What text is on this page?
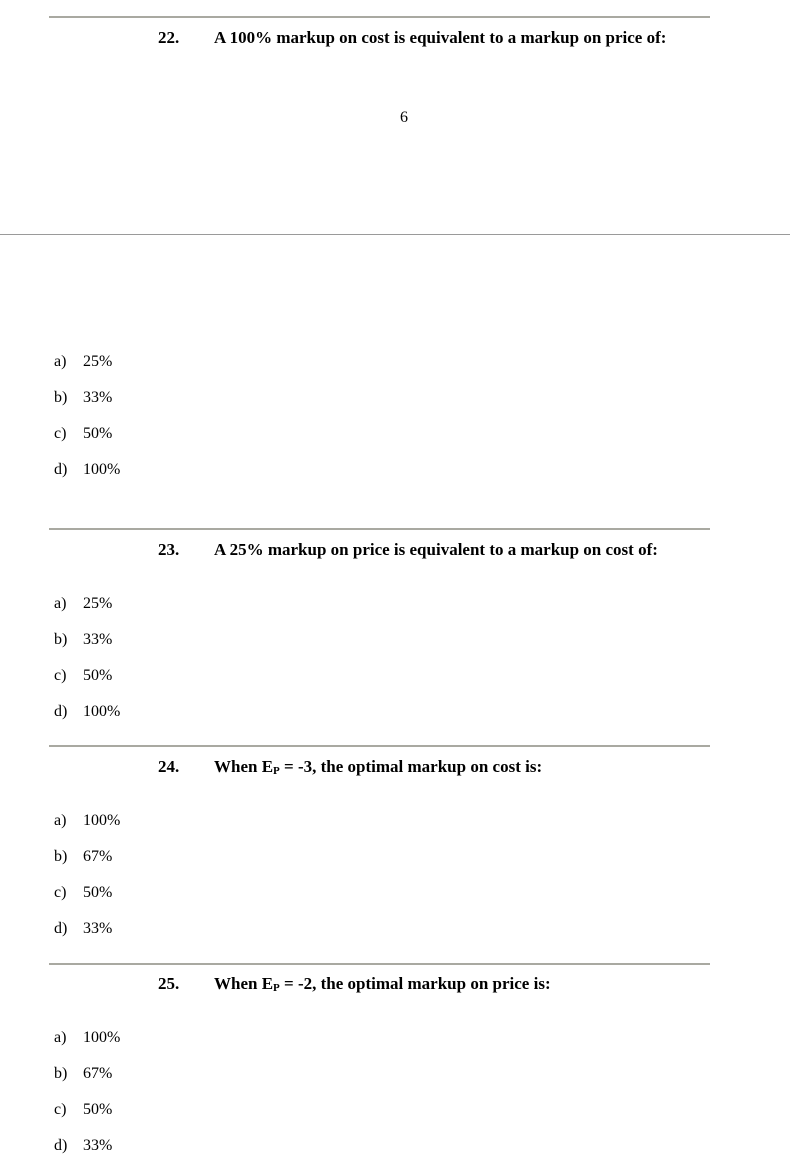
22. A 100% markup on cost is equivalent to a markup on price of:
6
a) 25%
b) 33%
c) 50%
d) 100%
23. A 25% markup on price is equivalent to a markup on cost of:
a) 25%
b) 33%
c) 50%
d) 100%
24. When $E_P = -3$, the optimal markup on cost is:
a) 100%
b) 67%
c) 50%
d) 33%
25. When $E_P = -2$, the optimal markup on price is:
a) 100%
b) 67%
c) 50%
d) 33%
